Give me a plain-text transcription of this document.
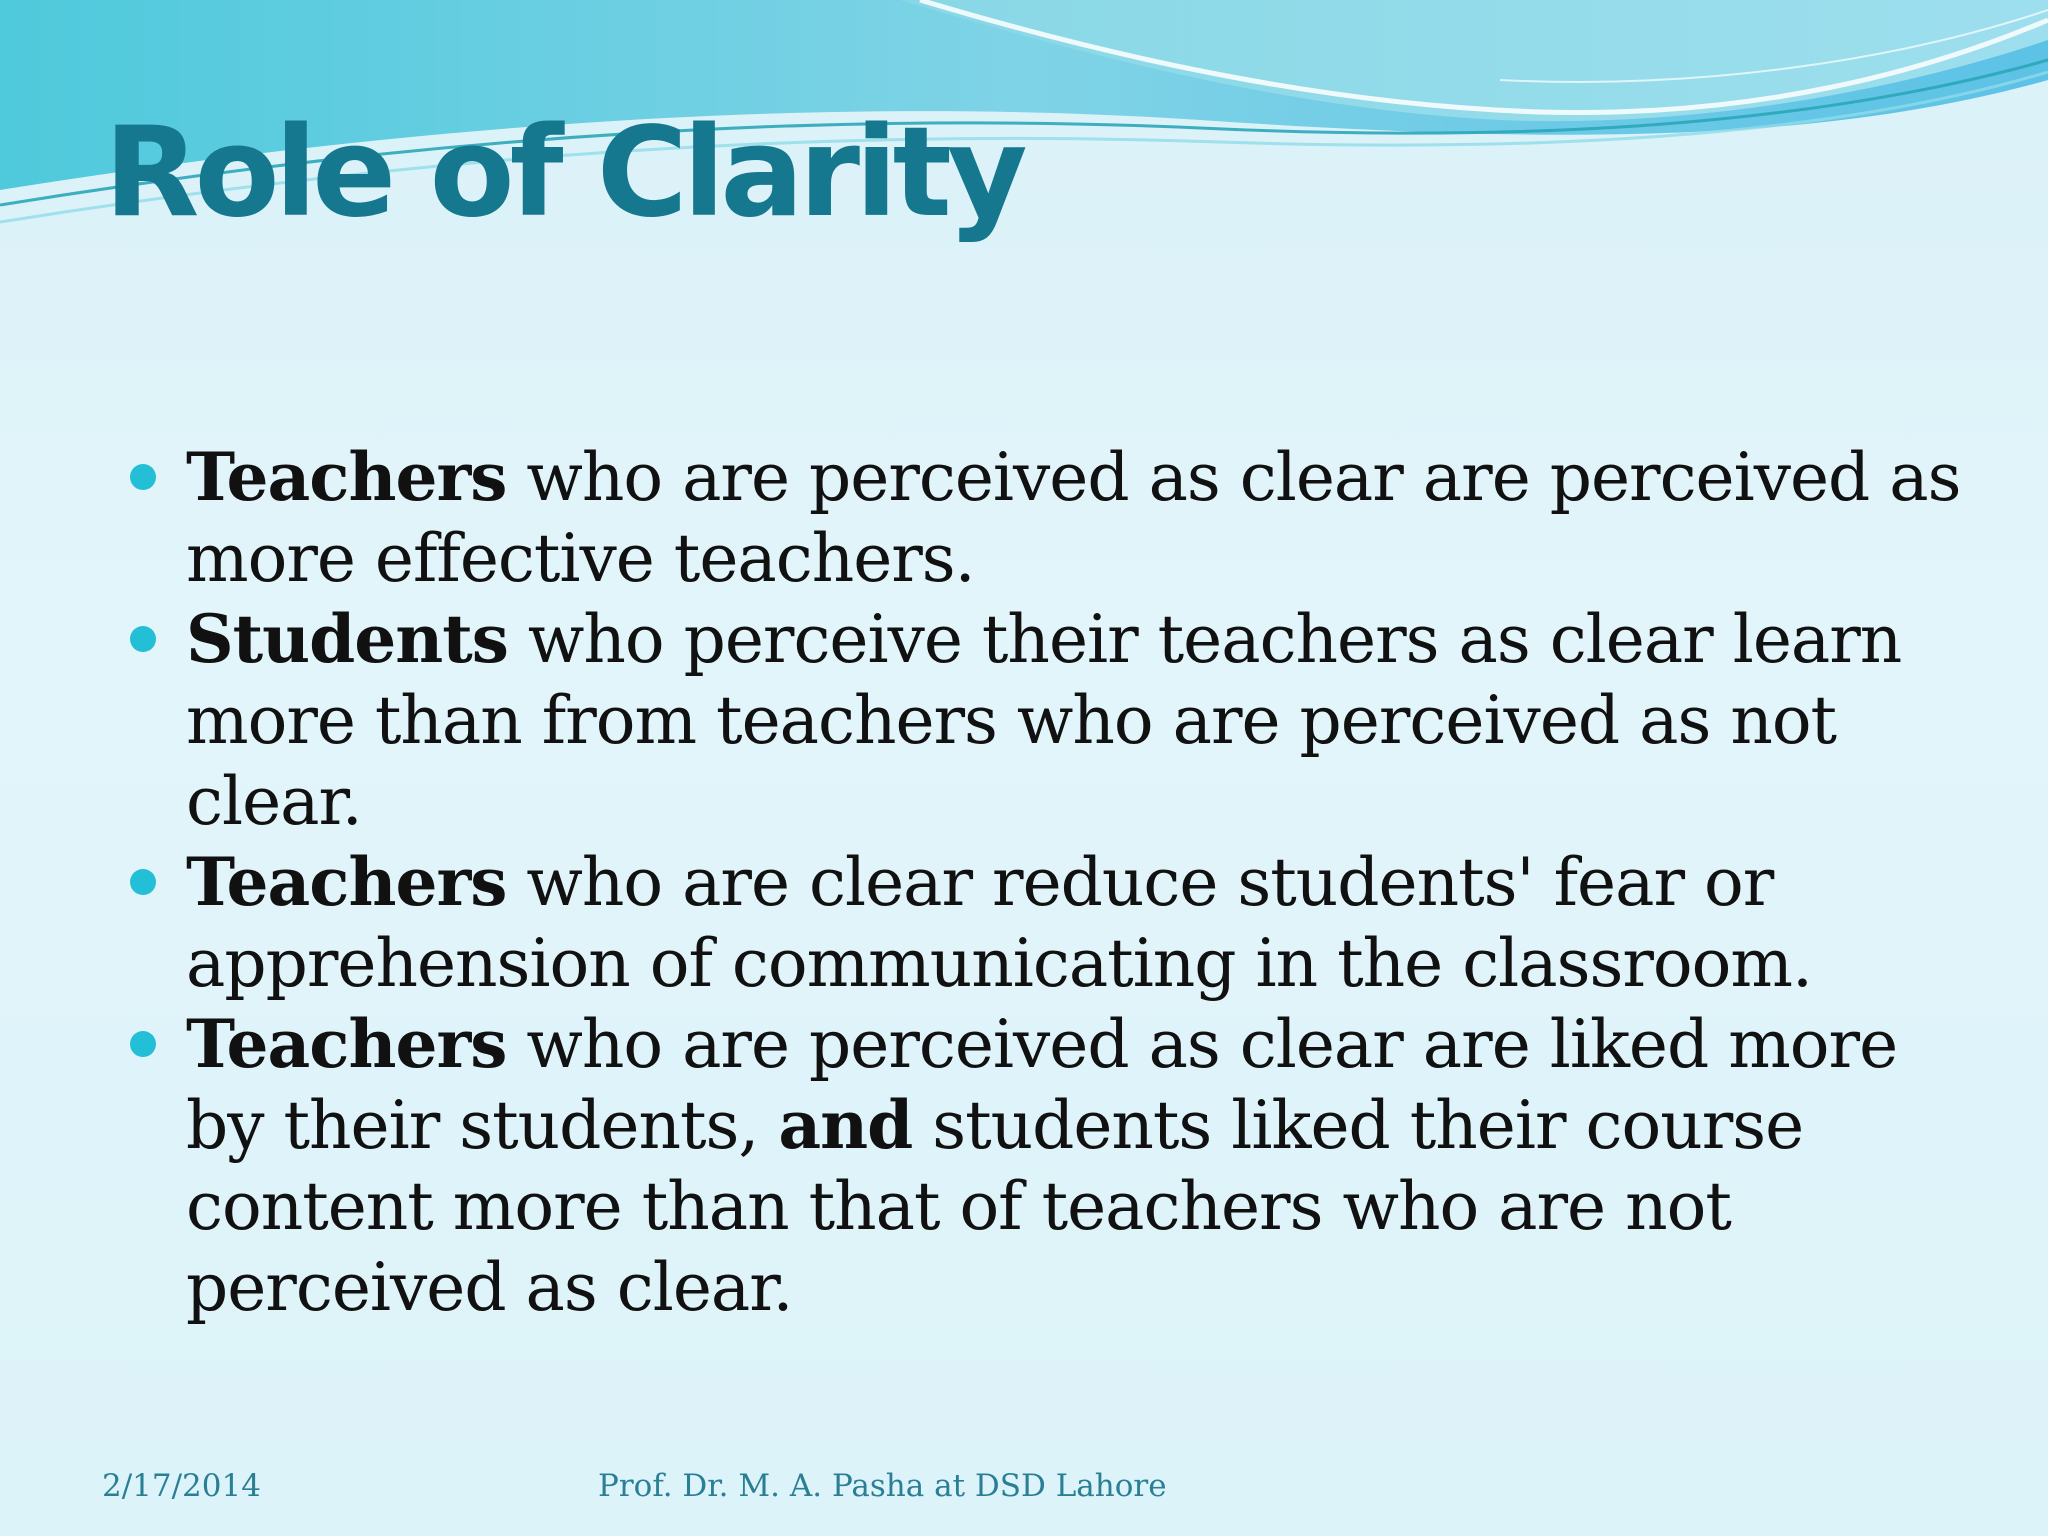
Role of Clarity
Teachers who are perceived as clear are perceived as more effective teachers.
Students who perceive their teachers as clear learn more than from teachers who are perceived as not clear.
Teachers who are clear reduce students' fear or apprehension of communicating in the classroom.
Teachers who are perceived as clear are liked more by their students, and students liked their course content more than that of teachers who are not perceived as clear.
2/17/2014	Prof. Dr. M. A. Pasha at DSD Lahore
